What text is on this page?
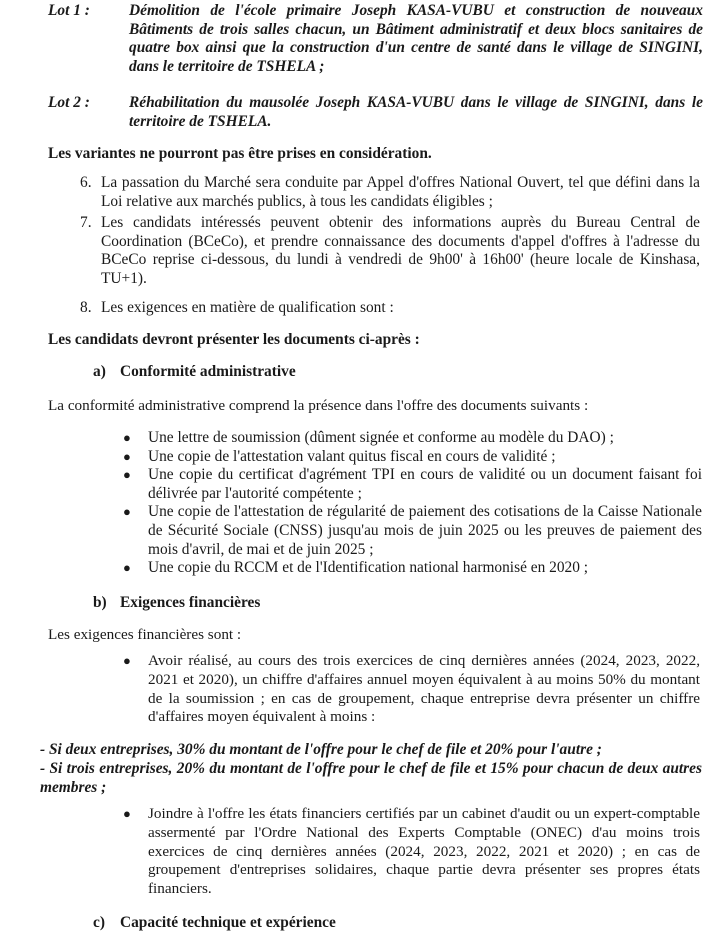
Lot 1 :	Démolition de l'école primaire Joseph KASA-VUBU et construction de nouveaux Bâtiments de trois salles chacun, un Bâtiment administratif et deux blocs sanitaires de quatre box ainsi que la construction d'un centre de santé dans le village de SINGINI, dans le territoire de TSHELA ;
Lot 2 :	Réhabilitation du mausolée Joseph KASA-VUBU dans le village de SINGINI, dans le territoire de TSHELA.
Les variantes ne pourront pas être prises en considération.
6. La passation du Marché sera conduite par Appel d'offres National Ouvert, tel que défini dans la Loi relative aux marchés publics, à tous les candidats éligibles ;
7. Les candidats intéressés peuvent obtenir des informations auprès du Bureau Central de Coordination (BCeCo), et prendre connaissance des documents d'appel d'offres à l'adresse du BCeCo reprise ci-dessous, du lundi à vendredi de 9h00' à 16h00' (heure locale de Kinshasa, TU+1).
8. Les exigences en matière de qualification sont :
Les candidats devront présenter les documents ci-après :
a) Conformité administrative
La conformité administrative comprend la présence dans l'offre des documents suivants :
● Une lettre de soumission (dûment signée et conforme au modèle du DAO) ;
● Une copie de l'attestation valant quitus fiscal en cours de validité ;
● Une copie du certificat d'agrément TPI en cours de validité ou un document faisant foi délivrée par l'autorité compétente ;
● Une copie de l'attestation de régularité de paiement des cotisations de la Caisse Nationale de Sécurité Sociale (CNSS) jusqu'au mois de juin 2025 ou les preuves de paiement des mois d'avril, de mai et de juin 2025 ;
● Une copie du RCCM et de l'Identification national harmonisé en 2020 ;
b) Exigences financières
Les exigences financières sont :
●	Avoir réalisé, au cours des trois exercices de cinq dernières années (2024, 2023, 2022, 2021 et 2020), un chiffre d'affaires annuel moyen équivalent à au moins 50% du montant de la soumission ; en cas de groupement, chaque entreprise devra présenter un chiffre d'affaires moyen équivalent à moins :
- Si deux entreprises, 30% du montant de l'offre pour le chef de file et 20% pour l'autre ;
- Si trois entreprises, 20% du montant de l'offre pour le chef de file et 15% pour chacun de deux autres membres ;
●	Joindre à l'offre les états financiers certifiés par un cabinet d'audit ou un expert-comptable assermenté par l'Ordre National des Experts Comptable (ONEC) d'au moins trois exercices de cinq dernières années (2024, 2023, 2022, 2021 et 2020) ; en cas de groupement d'entreprises solidaires, chaque partie devra présenter ses propres états financiers.
c) Capacité technique et expérience
